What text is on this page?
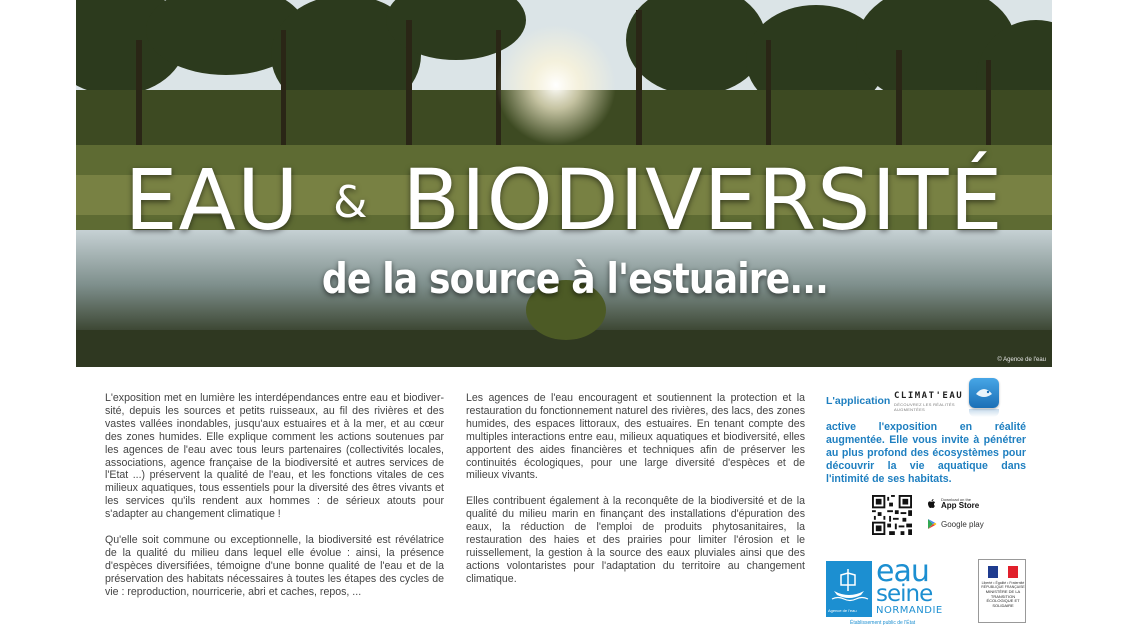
EAU & BIODIVERSITÉ
de la source à l'estuaire...
© Agence de l'eau

L'exposition met en lumière les interdépendances entre eau et biodiver-sité, depuis les sources et petits ruisseaux, au fil des rivières et des vastes vallées inondables, jusqu'aux estuaires et à la mer, et au cœur des zones humides. Elle explique comment les actions soutenues par les agences de l'eau avec tous leurs partenaires (collectivités locales, associations, agence française de la biodiversité et autres services de l'Etat ...) préservent la qualité de l'eau, et les fonctions vitales de ces milieux aquatiques, tous essentiels pour la diversité des êtres vivants et les services qu'ils rendent aux hommes : de sérieux atouts pour s'adapter au changement climatique !

Qu'elle soit commune ou exceptionnelle, la biodiversité est révélatrice de la qualité du milieu dans lequel elle évolue : ainsi, la présence d'espèces diversifiées, témoigne d'une bonne qualité de l'eau et de la préservation des habitats nécessaires à toutes les étapes des cycles de vie : reproduction, nourricerie, abri et caches, repos, ...

Les agences de l'eau encouragent et soutiennent la protection et la restauration du fonctionnement naturel des rivières, des lacs, des zones humides, des espaces littoraux, des estuaires. En tenant compte des multiples interactions entre eau, milieux aquatiques et biodiversité, elles apportent des aides financières et techniques afin de préserver les continuités écologiques, pour une large diversité d'espèces et de milieux vivants.

Elles contribuent également à la reconquête de la biodiversité et de la qualité du milieu marin en finançant des installations d'épuration des eaux, la réduction de l'emploi de produits phytosanitaires, la restauration des haies et des prairies pour limiter l'érosion et le ruissellement, la gestion à la source des eaux pluviales ainsi que des actions volontaristes pour l'adaptation du territoire au changement climatique.

L'application CLIMAT'EAU
DÉCOUVREZ LES RÉALITÉS AUGMENTÉES
active l'exposition en réalité augmentée. Elle vous invite à pénétrer au plus profond des écosystèmes pour découvrir la vie aquatique dans l'intimité de ses habitats.
Download on the
App Store
Google play
Agence de l'eau
eau
seine
NORMANDIE
Établissement public de l'État
Liberté • Égalité • Fraternité RÉPUBLIQUE FRANÇAISE
MINISTÈRE DE LA TRANSITION ÉCOLOGIQUE ET SOLIDAIRE
